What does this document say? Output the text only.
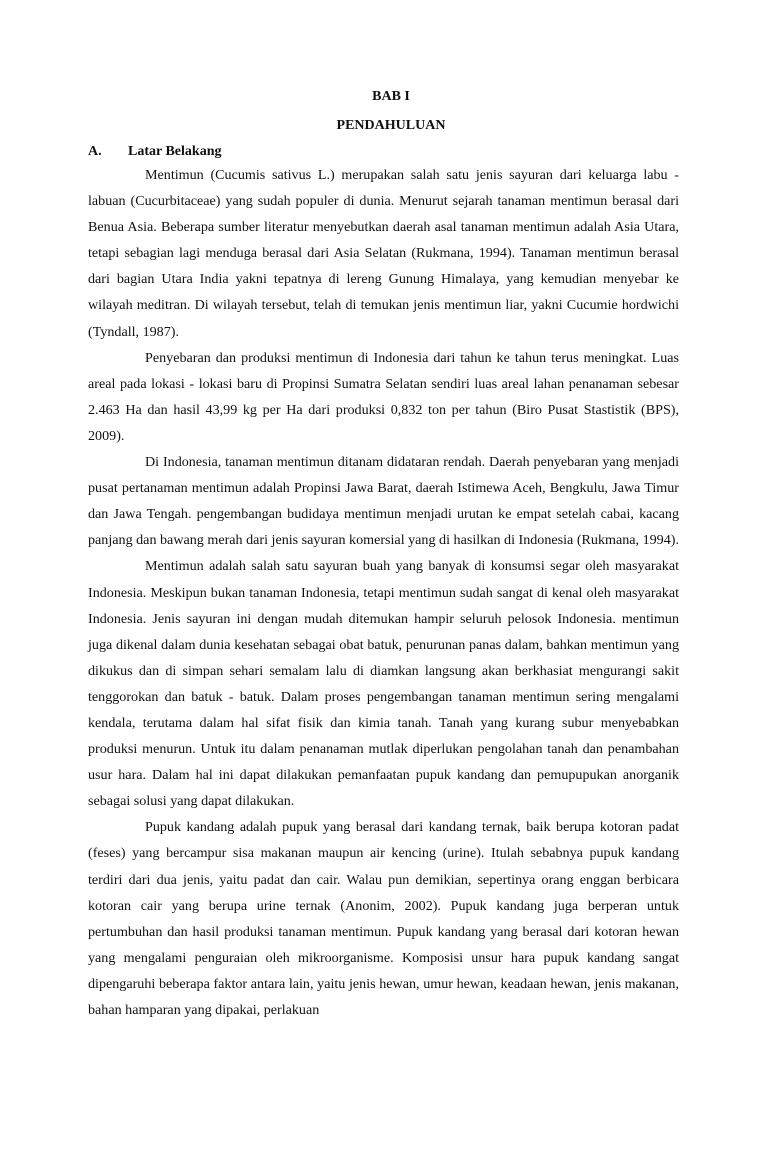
BAB I
PENDAHULUAN
A. Latar Belakang

Mentimun (Cucumis sativus L.) merupakan salah satu jenis sayuran dari keluarga labu - labuan (Cucurbitaceae) yang sudah populer di dunia. Menurut sejarah tanaman mentimun berasal dari Benua Asia. Beberapa sumber literatur menyebutkan daerah asal tanaman mentimun adalah Asia Utara, tetapi sebagian lagi menduga berasal dari Asia Selatan (Rukmana, 1994). Tanaman mentimun berasal dari bagian Utara India yakni tepatnya di lereng Gunung Himalaya, yang kemudian menyebar ke wilayah meditran. Di wilayah tersebut, telah di temukan jenis mentimun liar, yakni Cucumie hordwichi (Tyndall, 1987).

Penyebaran dan produksi mentimun di Indonesia dari tahun ke tahun terus meningkat. Luas areal pada lokasi - lokasi baru di Propinsi Sumatra Selatan sendiri luas areal lahan penanaman sebesar 2.463 Ha dan hasil 43,99 kg per Ha dari produksi 0,832 ton per tahun (Biro Pusat Stastistik (BPS), 2009).

Di Indonesia, tanaman mentimun ditanam didataran rendah. Daerah penyebaran yang menjadi pusat pertanaman mentimun adalah Propinsi Jawa Barat, daerah Istimewa Aceh, Bengkulu, Jawa Timur dan Jawa Tengah. pengembangan budidaya mentimun menjadi urutan ke empat setelah cabai, kacang panjang dan bawang merah dari jenis sayuran komersial yang di hasilkan di Indonesia (Rukmana, 1994).

Mentimun adalah salah satu sayuran buah yang banyak di konsumsi segar oleh masyarakat Indonesia. Meskipun bukan tanaman Indonesia, tetapi mentimun sudah sangat di kenal oleh masyarakat Indonesia. Jenis sayuran ini dengan mudah ditemukan hampir seluruh pelosok Indonesia. mentimun juga dikenal dalam dunia kesehatan sebagai obat batuk, penurunan panas dalam, bahkan mentimun yang dikukus dan di simpan sehari semalam lalu di diamkan langsung akan berkhasiat mengurangi sakit tenggorokan dan batuk - batuk. Dalam proses pengembangan tanaman mentimun sering mengalami kendala, terutama dalam hal sifat fisik dan kimia tanah. Tanah yang kurang subur menyebabkan produksi menurun. Untuk itu dalam penanaman mutlak diperlukan pengolahan tanah dan penambahan usur hara. Dalam hal ini dapat dilakukan pemanfaatan pupuk kandang dan pemupupukan anorganik sebagai solusi yang dapat dilakukan.

Pupuk kandang adalah pupuk yang berasal dari kandang ternak, baik berupa kotoran padat (feses) yang bercampur sisa makanan maupun air kencing (urine). Itulah sebabnya pupuk kandang terdiri dari dua jenis, yaitu padat dan cair. Walau pun demikian, sepertinya orang enggan berbicara kotoran cair yang berupa urine ternak (Anonim, 2002). Pupuk kandang juga berperan untuk pertumbuhan dan hasil produksi tanaman mentimun. Pupuk kandang yang berasal dari kotoran hewan yang mengalami penguraian oleh mikroorganisme. Komposisi unsur hara pupuk kandang sangat dipengaruhi beberapa faktor antara lain, yaitu jenis hewan, umur hewan, keadaan hewan, jenis makanan, bahan hamparan yang dipakai, perlakuan
